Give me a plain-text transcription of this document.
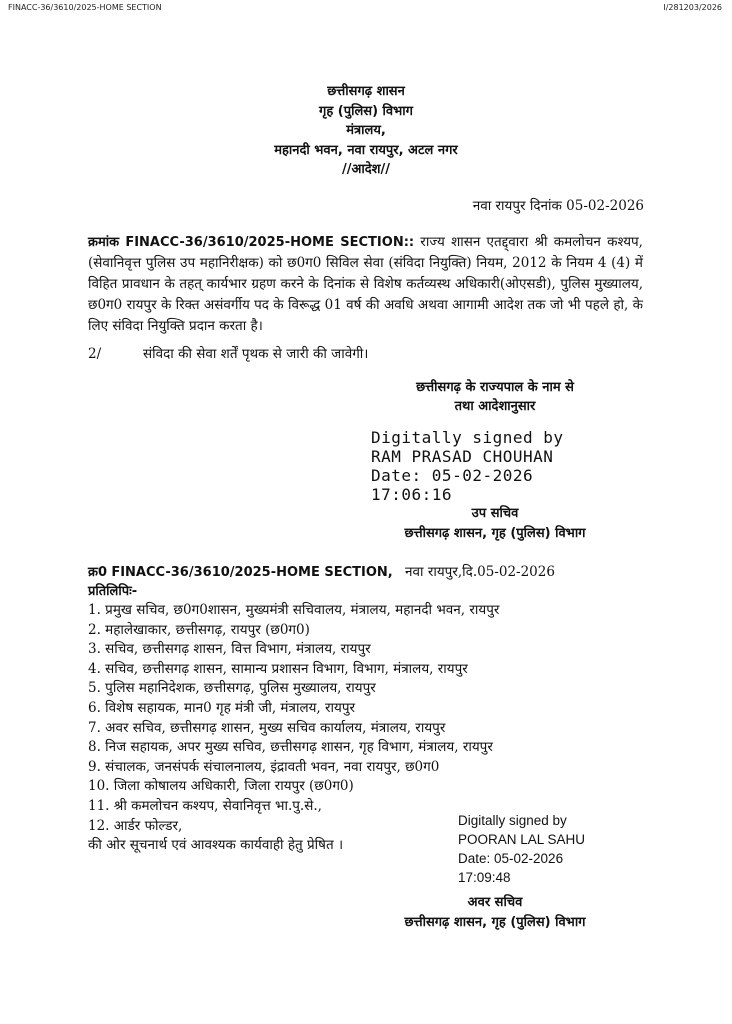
FINACC-36/3610/2025-HOME SECTION	I/281203/2026
छत्तीसगढ़ शासन
गृह (पुलिस) विभाग
मंत्रालय,
महानदी भवन, नवा रायपुर, अटल नगर
//आदेश//
नवा रायपुर दिनांक 05-02-2026
क्रमांक FINACC-36/3610/2025-HOME SECTION:: राज्य शासन एतद्द्वारा श्री कमलोचन कश्यप,(सेवानिवृत्त पुलिस उप महानिरीक्षक) को छ0ग0 सिविल सेवा (संविदा नियुक्ति) नियम, 2012 के नियम 4 (4) में विहित प्रावधान के तहत् कार्यभार ग्रहण करने के दिनांक से विशेष कर्तव्यस्थ अधिकारी(ओएसडी), पुलिस मुख्यालय, छ0ग0 रायपुर के रिक्त असंवर्गीय पद के विरूद्ध 01 वर्ष की अवधि अथवा आगामी आदेश तक जो भी पहले हो, के लिए संविदा नियुक्ति प्रदान करता है।
2/	संविदा की सेवा शर्तें पृथक से जारी की जावेगी।
छत्तीसगढ़ के राज्यपाल के नाम से
तथा आदेशानुसार
Digitally signed by
RAM PRASAD CHOUHAN
Date: 05-02-2026
17:06:16
उप सचिव
छत्तीसगढ़ शासन, गृह (पुलिस) विभाग
क्र0 FINACC-36/3610/2025-HOME SECTION, नवा रायपुर,दि.05-02-2026
प्रतिलिपिः-
1. प्रमुख सचिव, छ0ग0शासन, मुख्यमंत्री सचिवालय, मंत्रालय, महानदी भवन, रायपुर
2. महालेखाकार, छत्तीसगढ़, रायपुर (छ0ग0)
3. सचिव, छत्तीसगढ़ शासन, वित्त विभाग, मंत्रालय, रायपुर
4. सचिव, छत्तीसगढ़ शासन, सामान्य प्रशासन विभाग, विभाग, मंत्रालय, रायपुर
5. पुलिस महानिदेशक, छत्तीसगढ़, पुलिस मुख्यालय, रायपुर
6. विशेष सहायक, मान0 गृह मंत्री जी, मंत्रालय, रायपुर
7. अवर सचिव, छत्तीसगढ़ शासन, मुख्य सचिव कार्यालय, मंत्रालय, रायपुर
8. निज सहायक, अपर मुख्य सचिव, छत्तीसगढ़ शासन, गृह विभाग, मंत्रालय, रायपुर
9. संचालक, जनसंपर्क संचालनालय, इंद्रावती भवन, नवा रायपुर, छ0ग0
10. जिला कोषालय अधिकारी, जिला रायपुर (छ0ग0)
11. श्री कमलोचन कश्यप, सेवानिवृत्त भा.पु.से.,
12. आर्डर फोल्डर,
की ओर सूचनार्थ एवं आवश्यक कार्यवाही हेतु प्रेषित ।
Digitally signed by
POORAN LAL SAHU
Date: 05-02-2026
17:09:48
अवर सचिव
छत्तीसगढ़ शासन, गृह (पुलिस) विभाग
